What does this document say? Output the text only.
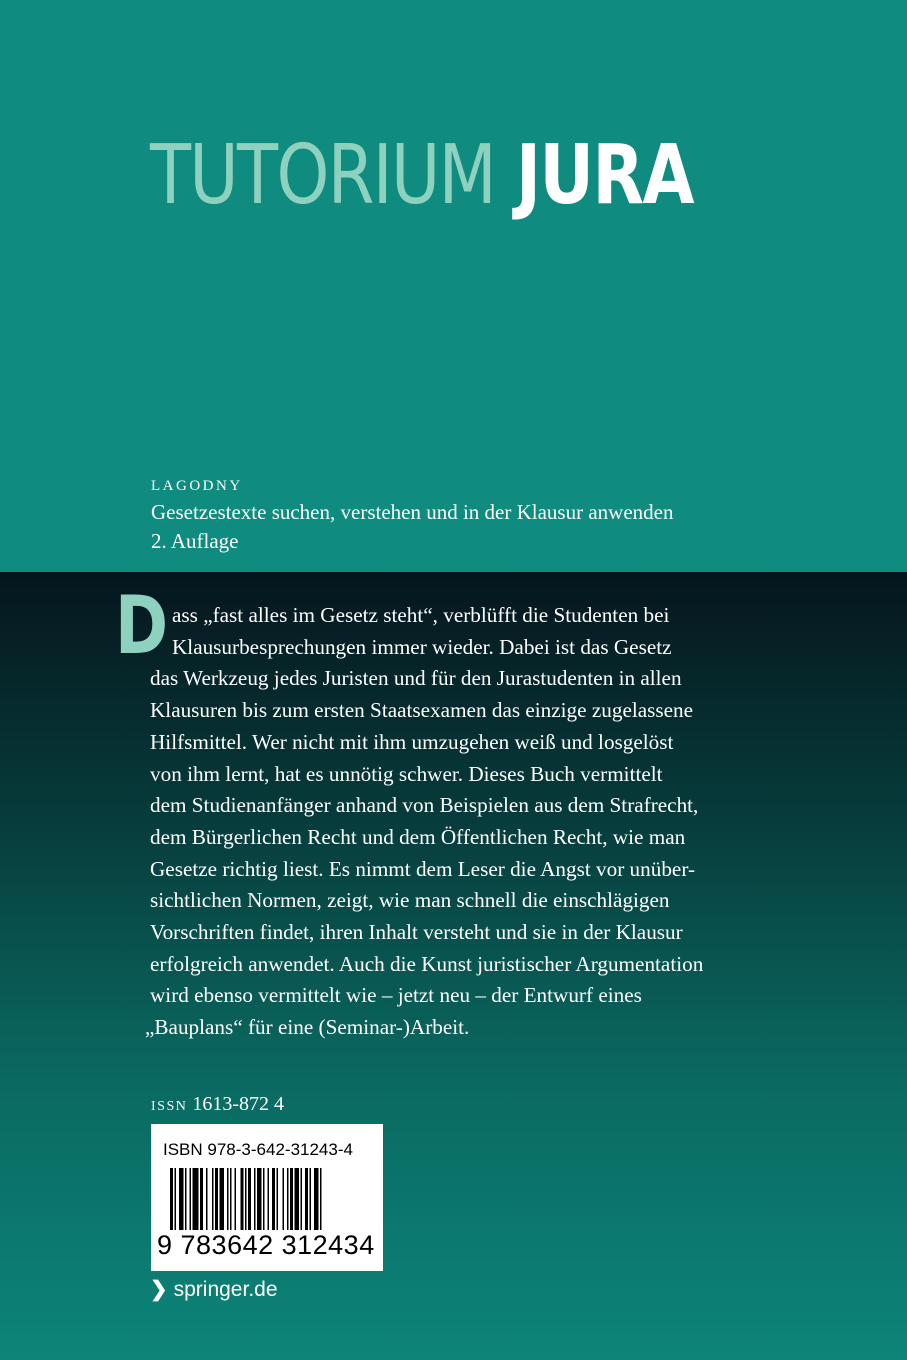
TUTORIUM JURA
LAGODNY
Gesetzestexte suchen, verstehen und in der Klausur anwenden
2. Auflage
D ass „fast alles im Gesetz steht“, verblüfft die Studenten bei
Klausurbesprechungen immer wieder. Dabei ist das Gesetz
das Werkzeug jedes Juristen und für den Jurastudenten in allen
Klausuren bis zum ersten Staatsexamen das einzige zugelassene
Hilfsmittel. Wer nicht mit ihm umzugehen weiß und losgelöst
von ihm lernt, hat es unnötig schwer. Dieses Buch vermittelt
dem Studienanfänger anhand von Beispielen aus dem Strafrecht,
dem Bürgerlichen Recht und dem Öffentlichen Recht, wie man
Gesetze richtig liest. Es nimmt dem Leser die Angst vor unüber-
sichtlichen Normen, zeigt, wie man schnell die einschlägigen
Vorschriften findet, ihren Inhalt versteht und sie in der Klausur
erfolgreich anwendet. Auch die Kunst juristischer Argumentation
wird ebenso vermittelt wie – jetzt neu – der Entwurf eines
„Bauplans“ für eine (Seminar-)Arbeit.
ISSN 1613-872 4
ISBN 978-3-642-31243-4
9 783642 312434
❯ springer.de
